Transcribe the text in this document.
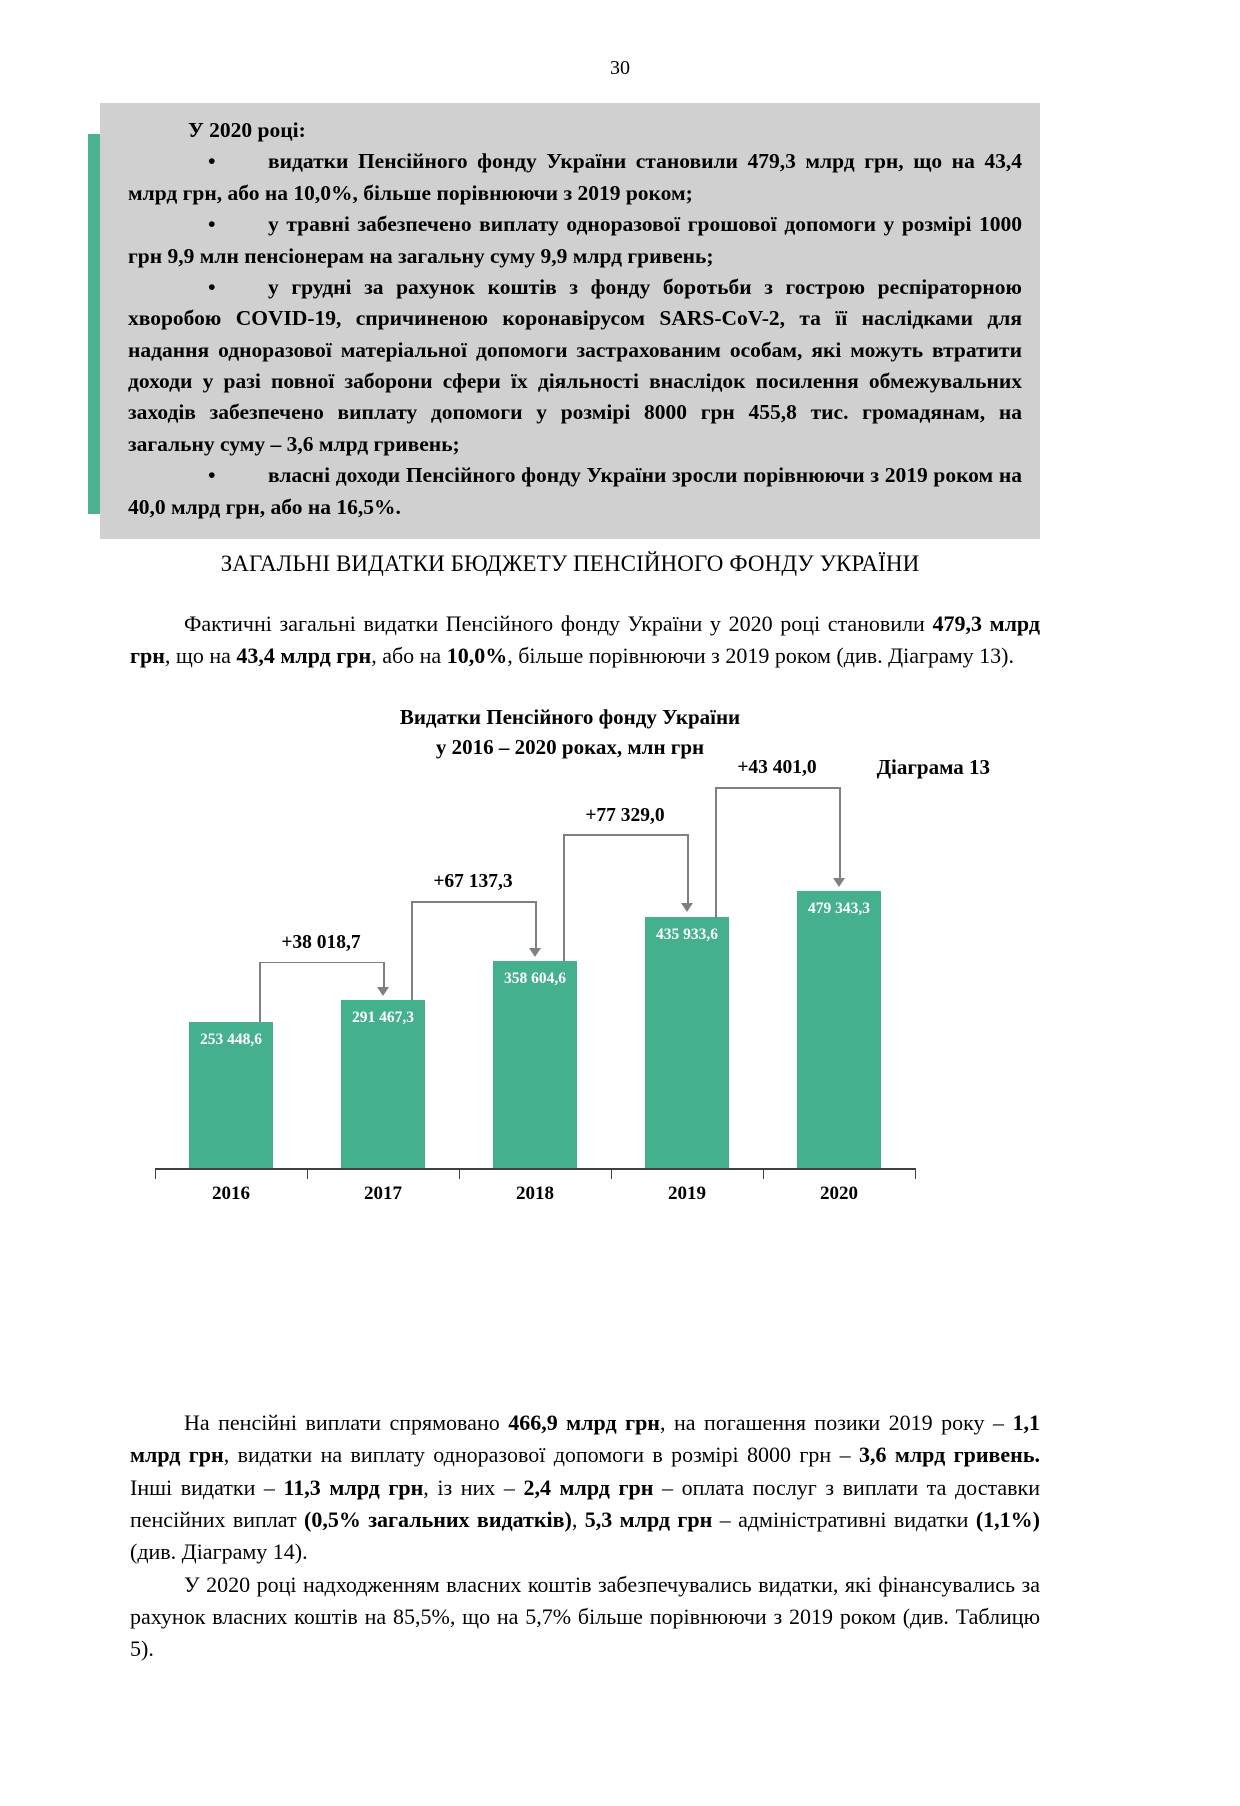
30

У 2020 році:

• видатки Пенсійного фонду України становили 479,3 млрд грн, що на 43,4 млрд грн, або на 10,0%, більше порівнюючи з 2019 роком;

• у травні забезпечено виплату одноразової грошової допомоги у розмірі 1000 грн 9,9 млн пенсіонерам на загальну суму 9,9 млрд гривень;

• у грудні за рахунок коштів з фонду боротьби з гострою респіраторною хворобою COVID-19, спричиненою коронавірусом SARS-CoV-2, та її наслідками для надання одноразової матеріальної допомоги застрахованим особам, які можуть втратити доходи у разі повної заборони сфери їх діяльності внаслідок посилення обмежувальних заходів забезпечено виплату допомоги у розмірі 8000 грн 455,8 тис. громадянам, на загальну суму – 3,6 млрд гривень;

• власні доходи Пенсійного фонду України зросли порівнюючи з 2019 роком на 40,0 млрд грн, або на 16,5%.

ЗАГАЛЬНІ ВИДАТКИ БЮДЖЕТУ ПЕНСІЙНОГО ФОНДУ УКРАЇНИ
Фактичні загальні видатки Пенсійного фонду України у 2020 році становили 479,3 млрд грн, що на 43,4 млрд грн, або на 10,0%, більше порівнюючи з 2019 роком (див. Діаграму 13).
Видатки Пенсійного фонду України
у 2016 – 2020 роках, млн грн
Діаграма 13
253 448,6
2016
291 467,3
2017
358 604,6
2018
435 933,6
2019
479 343,3
2020
+38 018,7
+67 137,3
+77 329,0
+43 401,0

На пенсійні виплати спрямовано 466,9 млрд грн, на погашення позики 2019 року – 1,1 млрд грн, видатки на виплату одноразової допомоги в розмірі 8000 грн – 3,6 млрд гривень. Інші видатки – 11,3 млрд грн, із них – 2,4 млрд грн – оплата послуг з виплати та доставки пенсійних виплат (0,5% загальних видатків), 5,3 млрд грн – адміністративні видатки (1,1%) (див. Діаграму 14).

У 2020 році надходженням власних коштів забезпечувались видатки, які фінансувались за рахунок власних коштів на 85,5%, що на 5,7% більше порівнюючи з 2019 роком (див. Таблицю 5).
